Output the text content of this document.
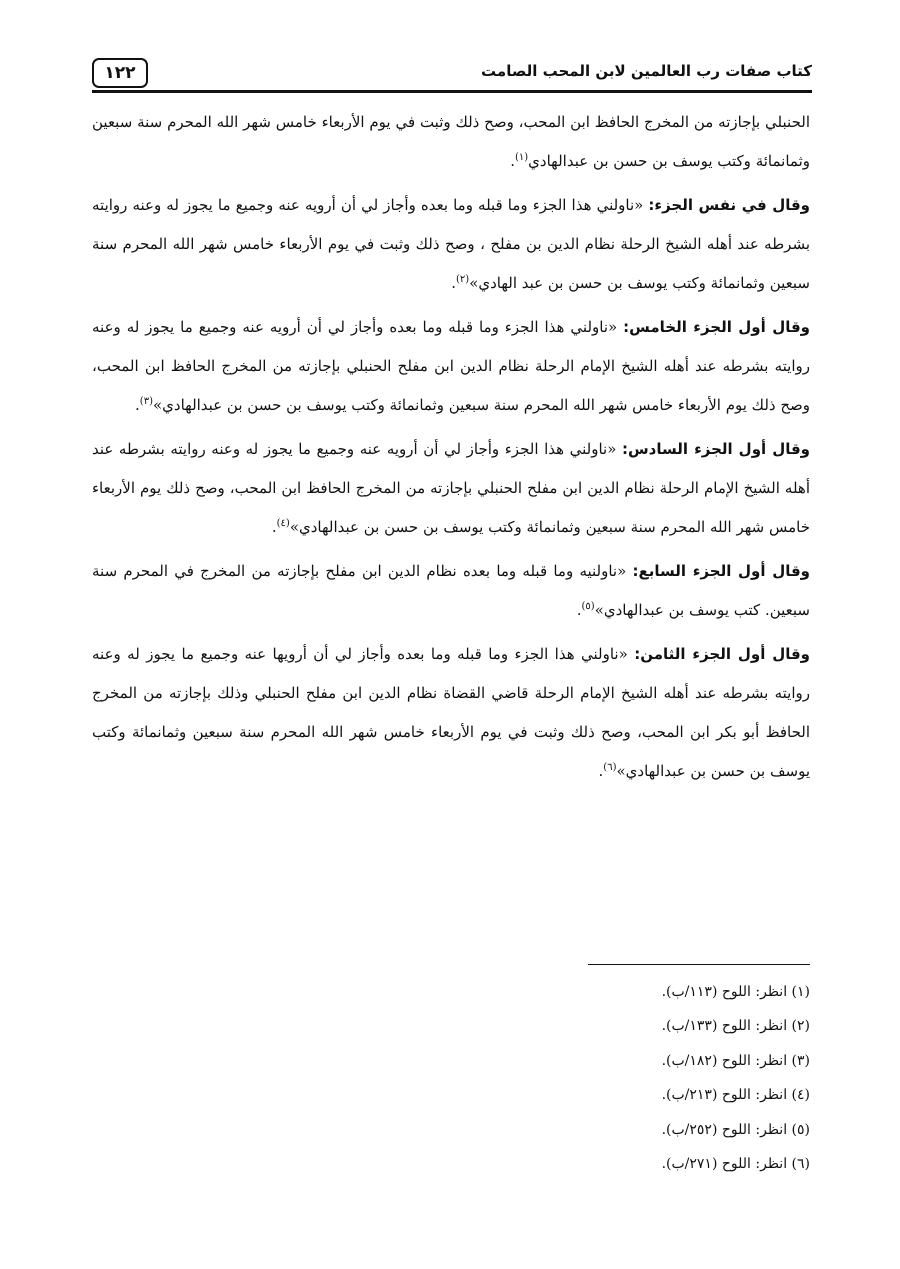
١٢٢	كتاب صفات رب العالمين لابن المحب الصامت

الحنبلي بإجازته من المخرج الحافظ ابن المحب، وصح ذلك وثبت في يوم الأربعاء خامس شهر الله المحرم سنة سبعين وثمانمائة وكتب يوسف بن حسن بن عبدالهادي$^{(١)}$.

وقال في نفس الجزء: «ناولني هذا الجزء وما قبله وما بعده وأجاز لي أن أرويه عنه وجميع ما يجوز له وعنه روايته بشرطه عند أهله الشيخ الرحلة نظام الدين بن مفلح ، وصح ذلك وثبت في يوم الأربعاء خامس شهر الله المحرم سنة سبعين وثمانمائة وكتب يوسف بن حسن بن عبد الهادي»$^{(٢)}$.

وقال أول الجزء الخامس: «ناولني هذا الجزء وما قبله وما بعده وأجاز لي أن أرويه عنه وجميع ما يجوز له وعنه روايته بشرطه عند أهله الشيخ الإمام الرحلة نظام الدين ابن مفلح الحنبلي بإجازته من المخرج الحافظ ابن المحب، وصح ذلك يوم الأربعاء خامس شهر الله المحرم سنة سبعين وثمانمائة وكتب يوسف بن حسن بن عبدالهادي»$^{(٣)}$.

وقال أول الجزء السادس: «ناولني هذا الجزء وأجاز لي أن أرويه عنه وجميع ما يجوز له وعنه روايته بشرطه عند أهله الشيخ الإمام الرحلة نظام الدين ابن مفلح الحنبلي بإجازته من المخرج الحافظ ابن المحب، وصح ذلك يوم الأربعاء خامس شهر الله المحرم سنة سبعين وثمانمائة وكتب يوسف بن حسن بن عبدالهادي»$^{(٤)}$.

وقال أول الجزء السابع: «ناولنيه وما قبله وما بعده نظام الدين ابن مفلح بإجازته من المخرج في المحرم سنة سبعين. كتب يوسف بن عبدالهادي»$^{(٥)}$.

وقال أول الجزء الثامن: «ناولني هذا الجزء وما قبله وما بعده وأجاز لي أن أرويها عنه وجميع ما يجوز له وعنه روايته بشرطه عند أهله الشيخ الإمام الرحلة قاضي القضاة نظام الدين ابن مفلح الحنبلي وذلك بإجازته من المخرج الحافظ أبو بكر ابن المحب، وصح ذلك وثبت في يوم الأربعاء خامس شهر الله المحرم سنة سبعين وثمانمائة وكتب يوسف بن حسن بن عبدالهادي»$^{(٦)}$.

(١) انظر: اللوح (١١٣/ب).
(٢) انظر: اللوح (١٣٣/ب).
(٣) انظر: اللوح (١٨٢/ب).
(٤) انظر: اللوح (٢١٣/ب).
(٥) انظر: اللوح (٢٥٢/ب).
(٦) انظر: اللوح (٢٧١/ب).
